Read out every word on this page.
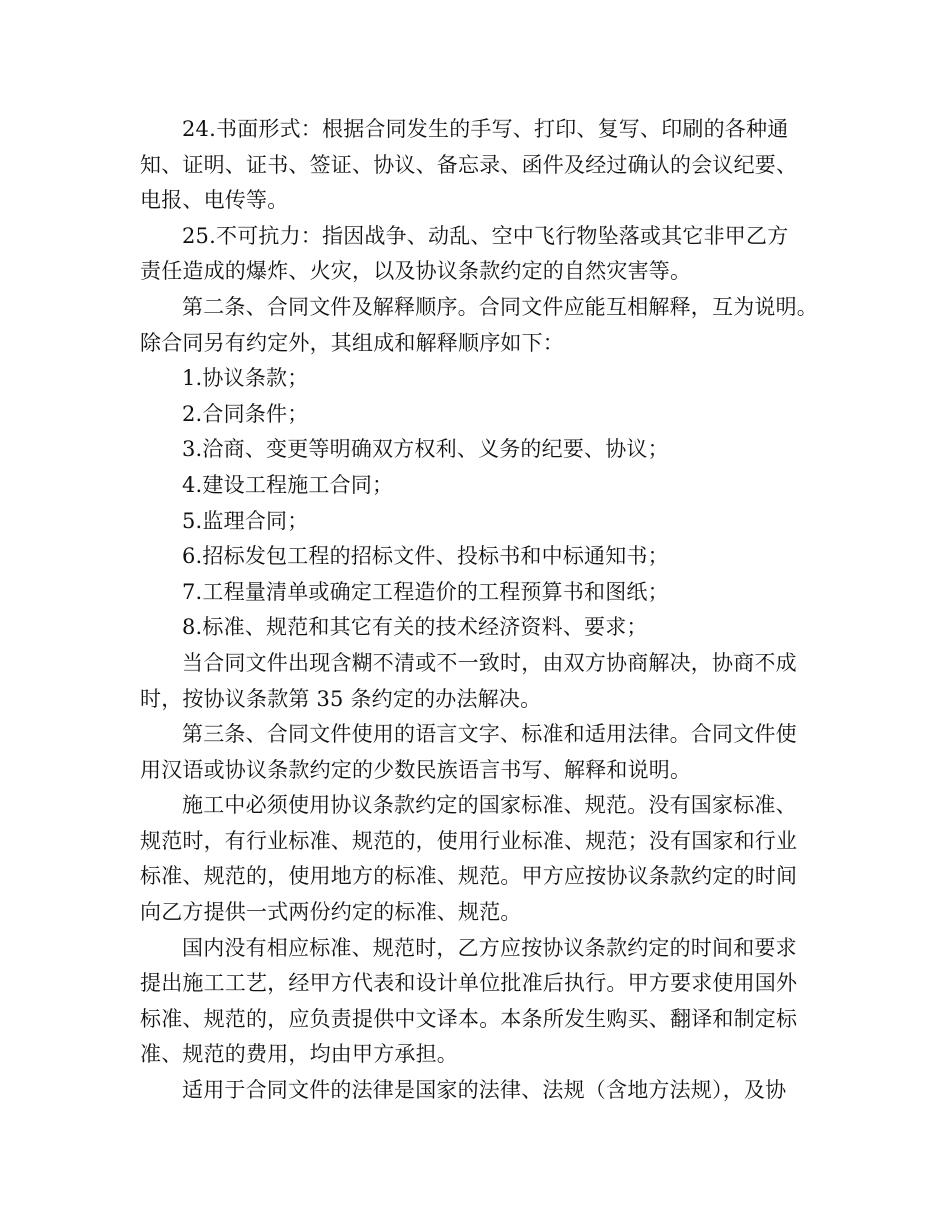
24.书面形式：根据合同发生的手写、打印、复写、印刷的各种通
知、证明、证书、签证、协议、备忘录、函件及经过确认的会议纪要、
电报、电传等。
25.不可抗力：指因战争、动乱、空中飞行物坠落或其它非甲乙方
责任造成的爆炸、火灾，以及协议条款约定的自然灾害等。
第二条、合同文件及解释顺序。合同文件应能互相解释，互为说明。
除合同另有约定外，其组成和解释顺序如下：
1.协议条款；
2.合同条件；
3.洽商、变更等明确双方权利、义务的纪要、协议；
4.建设工程施工合同；
5.监理合同；
6.招标发包工程的招标文件、投标书和中标通知书；
7.工程量清单或确定工程造价的工程预算书和图纸；
8.标准、规范和其它有关的技术经济资料、要求；
当合同文件出现含糊不清或不一致时，由双方协商解决，协商不成
时，按协议条款第 35 条约定的办法解决。
第三条、合同文件使用的语言文字、标准和适用法律。合同文件使
用汉语或协议条款约定的少数民族语言书写、解释和说明。
施工中必须使用协议条款约定的国家标准、规范。没有国家标准、
规范时，有行业标准、规范的，使用行业标准、规范；没有国家和行业
标准、规范的，使用地方的标准、规范。甲方应按协议条款约定的时间
向乙方提供一式两份约定的标准、规范。
国内没有相应标准、规范时，乙方应按协议条款约定的时间和要求
提出施工工艺，经甲方代表和设计单位批准后执行。甲方要求使用国外
标准、规范的，应负责提供中文译本。本条所发生购买、翻译和制定标
准、规范的费用，均由甲方承担。
适用于合同文件的法律是国家的法律、法规（含地方法规），及协
